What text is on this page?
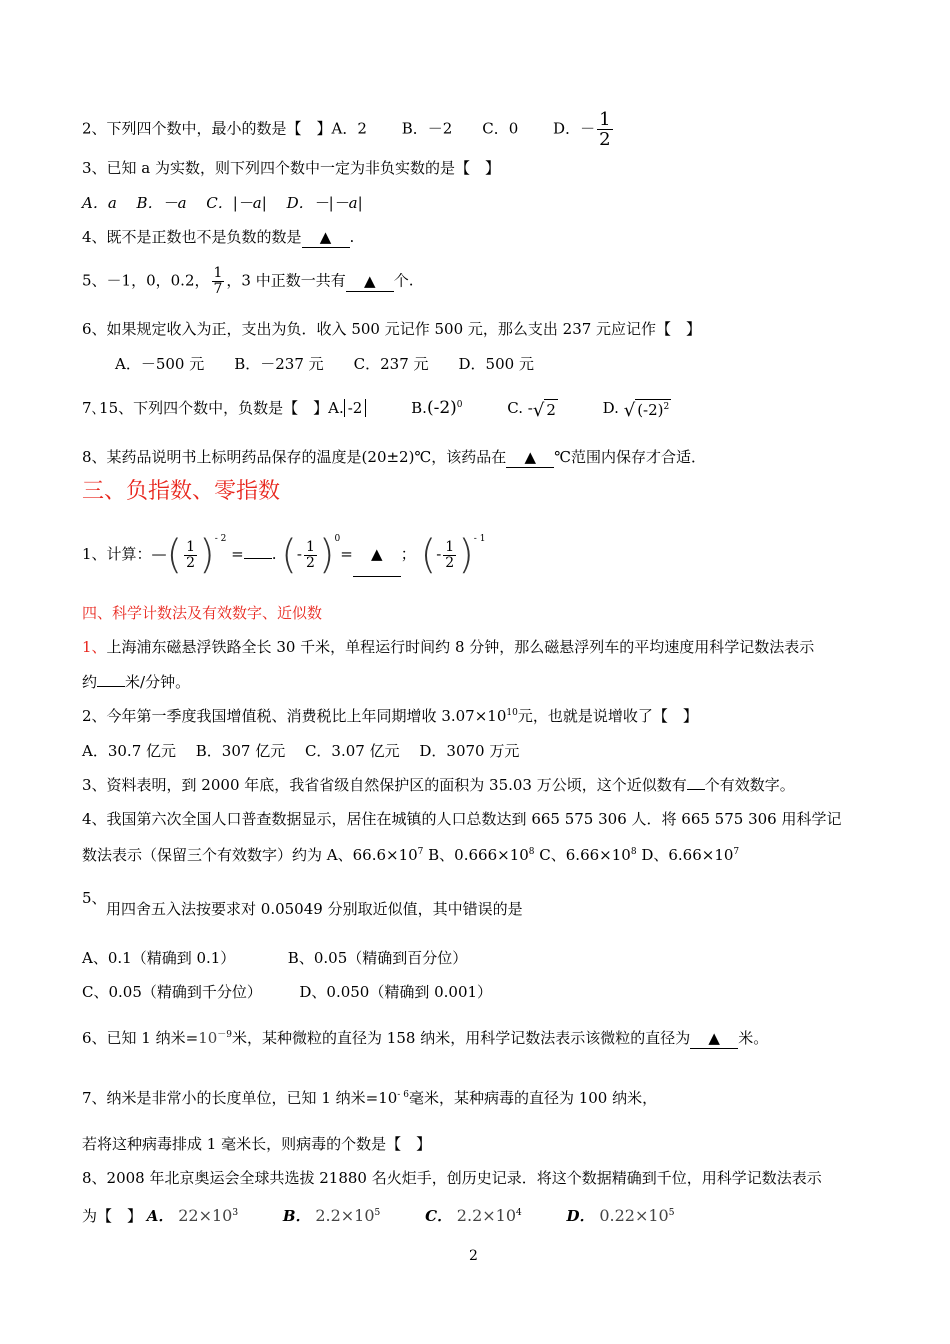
2、下列四个数中，最小的数是【　】A．2　　 B．－2　　C．0　　 D．－ $\frac{1}{2}$
3、已知 a 为实数，则下列四个数中一定为非负实数的是【　】
A．a　 B．－a　 C．|－a|　 D．－|－a|
4、既不是正数也不是负数的数是 ▲ .
5、－1，0，0.2， $\frac{1}{7}$ ，3 中正数一共有 ▲ 个.
6、如果规定收入为正，支出为负．收入 500 元记作 500 元，那么支出 237 元应记作【　】
A．－500 元　　B．－237 元　　C．237 元　　D．500 元
7､15、下列四个数中，负数是【　】A. -2	$B.(-2)^0$	C. - √ 2	D. √ $(-2)^2$
8、某药品说明书上标明药品保存的温度是(20±2)℃，该药品在 ▲ ℃范围内保存才合适．
三、负指数、零指数
1、计算：—( $\frac{1}{2} )^{- 2}$ = . (- $\frac{1}{2} )^0=$ ▲ ； (- $\frac{1}{2} )^{- 1}$
四、科学计数法及有效数字、近似数
1、上海浦东磁悬浮铁路全长 30 千米，单程运行时间约 8 分钟，那么磁悬浮列车的平均速度用科学记数法表示
约 米/分钟。
2、今年第一季度我国增值税、消费税比上年同期增收 $3.07\times 10^{10}$元，也就是说增收了【　】
A．30.7 亿元　 B．307 亿元　 C．3.07 亿元　 D．3070 万元
3、资料表明，到 2000 年底，我省省级自然保护区的面积为 35.03 万公顷，这个近似数有 个有效数字。
4、我国第六次全国人口普查数据显示，居住在城镇的人口总数达到 665 575 306 人．将 665 575 306 用科学记
数法表示（保留三个有效数字）约为 A、$66.6\times 10^7$ B、$0.666\times 10^8$ C、$6.66\times 10^8$ D、$6.66\times 10^7$
5、
用四舍五入法按要求对 0.05049 分别取近似值，其中错误的是
A、0.1（精确到 0.1）　　　　B、0.05（精确到百分位）
C、0.05（精确到千分位）　　　D、0.050（精确到 0.001）
6、已知 1 纳米$=10^{-9}$米，某种微粒的直径为 158 纳米，用科学记数法表示该微粒的直径为 ▲ 米。
7、纳米是非常小的长度单位，已知 1 纳米$=10^{- 6}$毫米，某种病毒的直径为 100 纳米，
若将这种病毒排成 1 毫米长，则病毒的个数是【　】
8、2008 年北京奥运会全球共选拔 21880 名火炬手，创历史记录．将这个数据精确到千位，用科学记数法表示
为【　】 A． $22\times 10^3$	B． $2.2\times 10^5$	C． $2.2\times 10^4$	D． $0.22\times 10^5$
2
